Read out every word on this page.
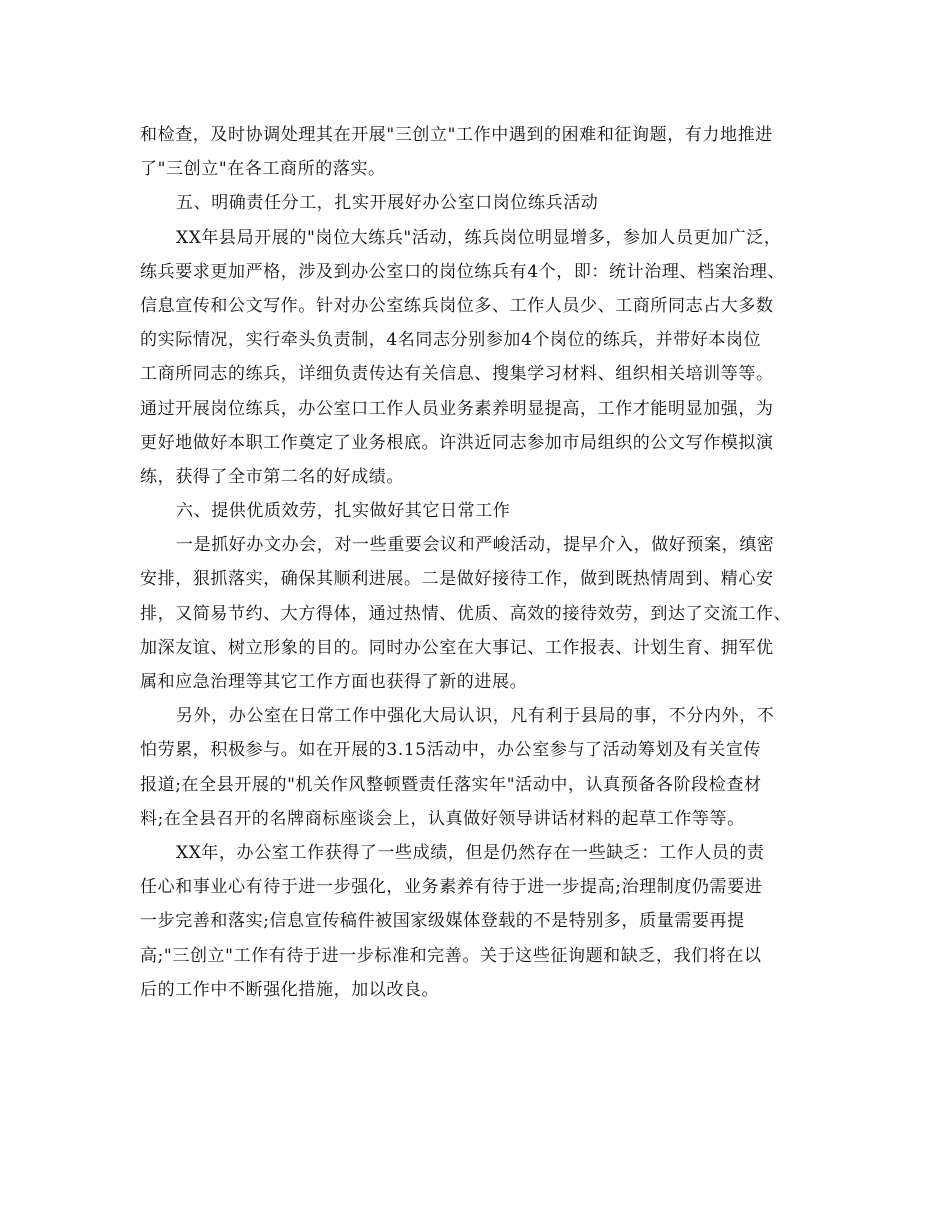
和检查，及时协调处理其在开展"三创立"工作中遇到的困难和征询题，有力地推进
了"三创立"在各工商所的落实。
五、明确责任分工，扎实开展好办公室口岗位练兵活动
XX年县局开展的"岗位大练兵"活动，练兵岗位明显增多，参加人员更加广泛，
练兵要求更加严格，涉及到办公室口的岗位练兵有4个，即：统计治理、档案治理、
信息宣传和公文写作。针对办公室练兵岗位多、工作人员少、工商所同志占大多数
的实际情况，实行牵头负责制，4名同志分别参加4个岗位的练兵，并带好本岗位
工商所同志的练兵，详细负责传达有关信息、搜集学习材料、组织相关培训等等。
通过开展岗位练兵，办公室口工作人员业务素养明显提高，工作才能明显加强，为
更好地做好本职工作奠定了业务根底。许洪近同志参加市局组织的公文写作模拟演
练，获得了全市第二名的好成绩。
六、提供优质效劳，扎实做好其它日常工作
一是抓好办文办会，对一些重要会议和严峻活动，提早介入，做好预案，缜密
安排，狠抓落实，确保其顺利进展。二是做好接待工作，做到既热情周到、精心安
排，又简易节约、大方得体，通过热情、优质、高效的接待效劳，到达了交流工作、
加深友谊、树立形象的目的。同时办公室在大事记、工作报表、计划生育、拥军优
属和应急治理等其它工作方面也获得了新的进展。
另外，办公室在日常工作中强化大局认识，凡有利于县局的事，不分内外，不
怕劳累，积极参与。如在开展的3.15活动中，办公室参与了活动筹划及有关宣传
报道;在全县开展的"机关作风整顿暨责任落实年"活动中，认真预备各阶段检查材
料;在全县召开的名牌商标座谈会上，认真做好领导讲话材料的起草工作等等。
XX年，办公室工作获得了一些成绩，但是仍然存在一些缺乏：工作人员的责
任心和事业心有待于进一步强化，业务素养有待于进一步提高;治理制度仍需要进
一步完善和落实;信息宣传稿件被国家级媒体登载的不是特别多，质量需要再提
高;"三创立"工作有待于进一步标准和完善。关于这些征询题和缺乏，我们将在以
后的工作中不断强化措施，加以改良。
